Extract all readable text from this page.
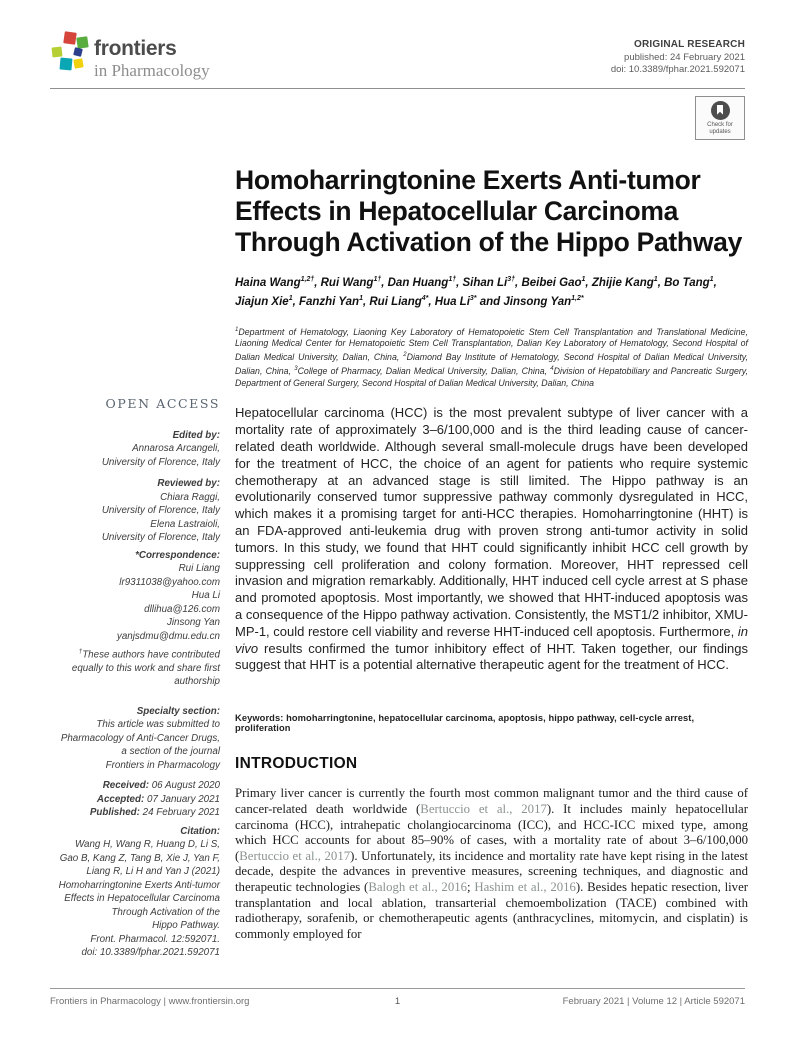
frontiers
in Pharmacology
ORIGINAL RESEARCH
published: 24 February 2021
doi: 10.3389/fphar.2021.592071
Check for updates
OPEN ACCESS
Edited by:
Annarosa Arcangeli,
University of Florence, Italy
Reviewed by:
Chiara Raggi,
University of Florence, Italy
Elena Lastraioli,
University of Florence, Italy
*Correspondence:
Rui Liang
lr9311038@yahoo.com
Hua Li
dllihua@126.com
Jinsong Yan
yanjsdmu@dmu.edu.cn
†These authors have contributed equally to this work and share first authorship
Specialty section:
This article was submitted to
Pharmacology of Anti-Cancer Drugs,
a section of the journal
Frontiers in Pharmacology
Received: 06 August 2020
Accepted: 07 January 2021
Published: 24 February 2021
Citation:
Wang H, Wang R, Huang D, Li S,
Gao B, Kang Z, Tang B, Xie J, Yan F,
Liang R, Li H and Yan J (2021)
Homoharringtonine Exerts Anti-tumor
Effects in Hepatocellular Carcinoma
Through Activation of the
Hippo Pathway.
Front. Pharmacol. 12:592071.
doi: 10.3389/fphar.2021.592071
Homoharringtonine Exerts Anti-tumor Effects in Hepatocellular Carcinoma Through Activation of the Hippo Pathway
Haina Wang$^{1,2\dagger}$, Rui Wang$^{1\dagger}$, Dan Huang$^{1\dagger}$, Sihan $Li^{3\dagger}$, Beibei Gao$^1$, Zhijie Kang$^1$, Bo Tang$^1$, Jiajun Xie$^1$, Fanzhi Yan$^1$, Rui Liang$^{4*}$, Hua $Li^{3*}$ and Jinsong Yan$^{1,2*}$
$^1$Department of Hematology, Liaoning Key Laboratory of Hematopoietic Stem Cell Transplantation and Translational Medicine, Liaoning Medical Center for Hematopoietic Stem Cell Transplantation, Dalian Key Laboratory of Hematology, Second Hospital of Dalian Medical University, Dalian, China, $^2$Diamond Bay Institute of Hematology, Second Hospital of Dalian Medical University, Dalian, China, $^3$College of Pharmacy, Dalian Medical University, Dalian, China, $^4$Division of Hepatobiliary and Pancreatic Surgery, Department of General Surgery, Second Hospital of Dalian Medical University, Dalian, China
Hepatocellular carcinoma (HCC) is the most prevalent subtype of liver cancer with a mortality rate of approximately 3–6/100,000 and is the third leading cause of cancer-related death worldwide. Although several small-molecule drugs have been developed for the treatment of HCC, the choice of an agent for patients who require systemic chemotherapy at an advanced stage is still limited. The Hippo pathway is an evolutionarily conserved tumor suppressive pathway commonly dysregulated in HCC, which makes it a promising target for anti-HCC therapies. Homoharringtonine (HHT) is an FDA-approved anti-leukemia drug with proven strong anti-tumor activity in solid tumors. In this study, we found that HHT could significantly inhibit HCC cell growth by suppressing cell proliferation and colony formation. Moreover, HHT repressed cell invasion and migration remarkably. Additionally, HHT induced cell cycle arrest at S phase and promoted apoptosis. Most importantly, we showed that HHT-induced apoptosis was a consequence of the Hippo pathway activation. Consistently, the MST1/2 inhibitor, XMU-MP-1, could restore cell viability and reverse HHT-induced cell apoptosis. Furthermore, in vivo results confirmed the tumor inhibitory effect of HHT. Taken together, our findings suggest that HHT is a potential alternative therapeutic agent for the treatment of HCC.
Keywords: homoharringtonine, hepatocellular carcinoma, apoptosis, hippo pathway, cell-cycle arrest, proliferation
INTRODUCTION
Primary liver cancer is currently the fourth most common malignant tumor and the third cause of cancer-related death worldwide (Bertuccio et al., 2017). It includes mainly hepatocellular carcinoma (HCC), intrahepatic cholangiocarcinoma (ICC), and HCC-ICC mixed type, among which HCC accounts for about 85–90% of cases, with a mortality rate of about 3–6/100,000 (Bertuccio et al., 2017). Unfortunately, its incidence and mortality rate have kept rising in the latest decade, despite the advances in preventive measures, screening techniques, and diagnostic and therapeutic technologies (Balogh et al., 2016; Hashim et al., 2016). Besides hepatic resection, liver transplantation and local ablation, transarterial chemoembolization (TACE) combined with radiotherapy, sorafenib, or chemotherapeutic agents (anthracyclines, mitomycin, and cisplatin) is commonly employed for
Frontiers in Pharmacology | www.frontiersin.org	1	February 2021 | Volume 12 | Article 592071
